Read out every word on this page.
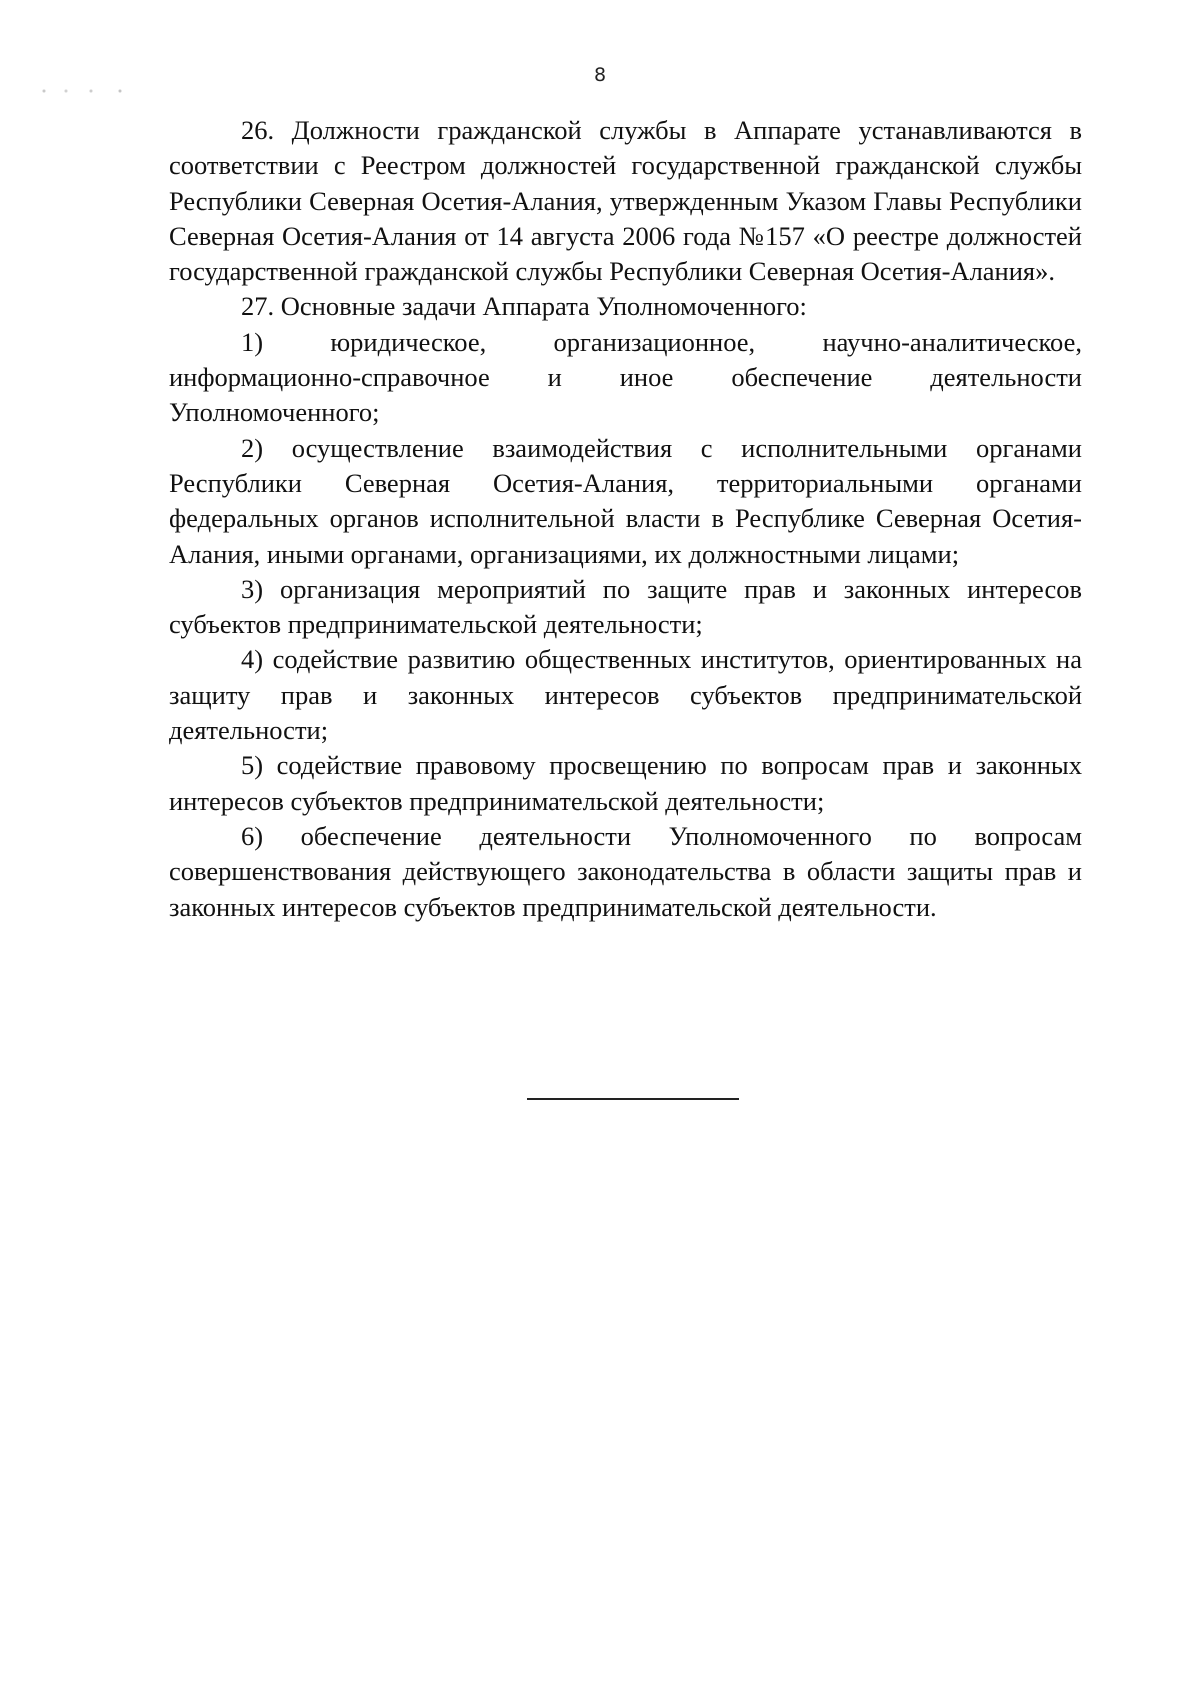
8

26. Должности гражданской службы в Аппарате устанавливаются в соответствии с Реестром должностей государственной гражданской службы Республики Северная Осетия-Алания, утвержденным Указом Главы Республики Северная Осетия-Алания от 14 августа 2006 года №157 «О реестре должностей государственной гражданской службы Республики Северная Осетия-Алания».

27. Основные задачи Аппарата Уполномоченного:

1) юридическое, организационное, научно-аналитическое, информационно-справочное и иное обеспечение деятельности Уполномоченного;

2) осуществление взаимодействия с исполнительными органами Республики Северная Осетия-Алания, территориальными органами федеральных органов исполнительной власти в Республике Северная Осетия-Алания, иными органами, организациями, их должностными лицами;

3) организация мероприятий по защите прав и законных интересов субъектов предпринимательской деятельности;

4) содействие развитию общественных институтов, ориентированных на защиту прав и законных интересов субъектов предпринимательской деятельности;

5) содействие правовому просвещению по вопросам прав и законных интересов субъектов предпринимательской деятельности;

6) обеспечение деятельности Уполномоченного по вопросам совершенствования действующего законодательства в области защиты прав и законных интересов субъектов предпринимательской деятельности.
